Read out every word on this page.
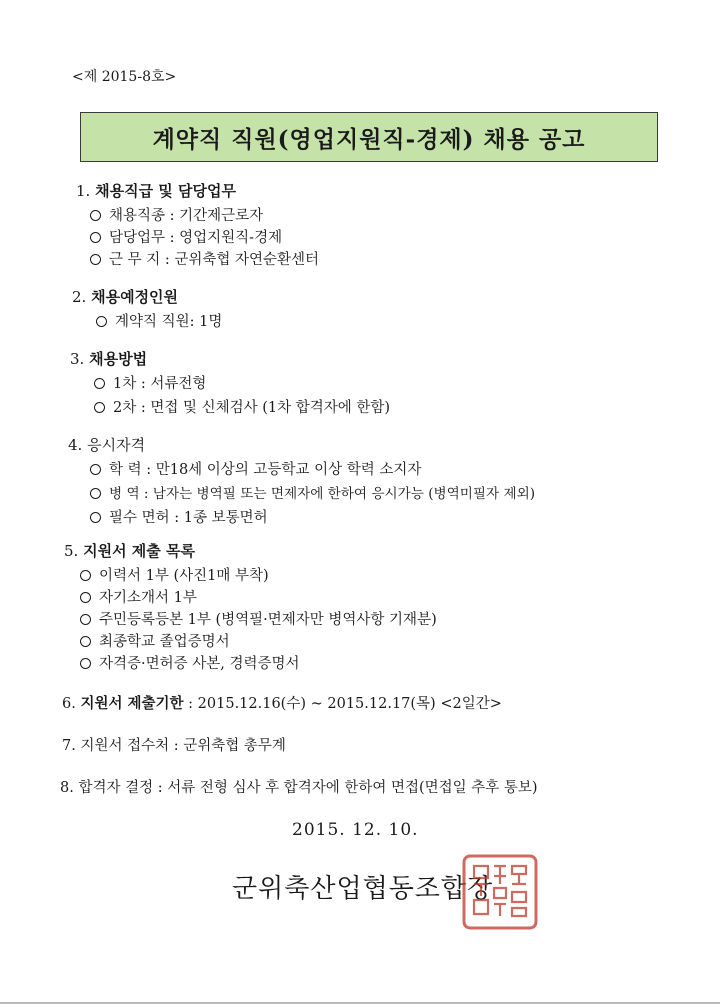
<제 2015-8호>
계약직 직원(영업지원직-경제) 채용 공고
1. 채용직급 및 담당업무
채용직종 : 기간제근로자
담당업무 : 영업지원직-경제
근 무 지 : 군위축협 자연순환센터
2. 채용예정인원
계약직 직원: 1명
3. 채용방법
1차 : 서류전형
2차 : 면접 및 신체검사 (1차 합격자에 한함)
4. 응시자격
학 력 : 만18세 이상의 고등학교 이상 학력 소지자
병 역 : 남자는 병역필 또는 면제자에 한하여 응시가능 (병역미필자 제외)
필수 면허 : 1종 보통면허
5. 지원서 제출 목록
이력서 1부 (사진1매 부착)
자기소개서 1부
주민등록등본 1부 (병역필·면제자만 병역사항 기재분)
최종학교 졸업증명서
자격증·면허증 사본, 경력증명서
6. 지원서 제출기한 : 2015.12.16(수) ~ 2015.12.17(목) <2일간>
7. 지원서 접수처 : 군위축협 총무계
8. 합격자 결정 : 서류 전형 심사 후 합격자에 한하여 면접(면접일 추후 통보)
2015. 12. 10.
군위축산업협동조합장
